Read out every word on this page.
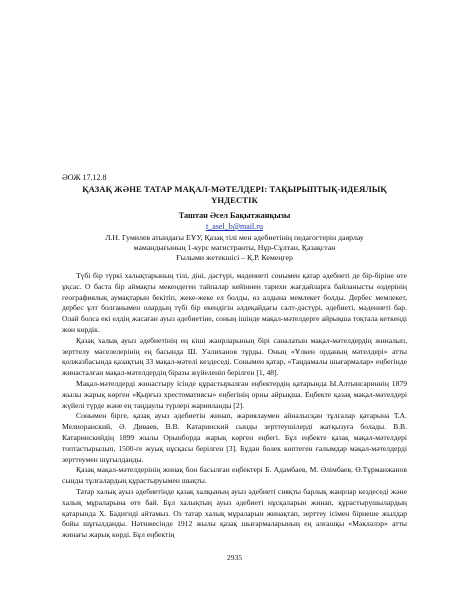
ӘОЖ 17.12.8
ҚАЗАҚ ЖӘНЕ ТАТАР МАҚАЛ-МӘТЕЛДЕРІ: ТАҚЫРЫПТЫҚ-ИДЕЯЛЫҚ
ҮНДЕСТІК
Таштан Әсел Бақытжанқызы
t_asel_b@mail.ru
Л.Н. Гумилев атындағы ЕҰУ, Қазақ тілі мен әдебиетінің педагогтерін даярлау
мамандығының 1-курс магистранты, Нұр-Сұлтан, Қазақстан
Ғылыми жетекшісі – Қ.Р. Кемеңгер

Түбі бір түркі халықтарының тілі, діні, дәстүрі, мәдениеті сонымен қатар әдебиеті де бір-біріне өте ұқсас. О баста бір аймақты мекендеген тайпалар кейіннен тарихи жағдайларға байланысты өздерінің географиялық аумақтарын бекітіп, жеке-жеке ел болды, өз алдына мемлекет болды. Дербес мемлекет, дербес ұлт болғанымен олардың түбі бір екендігін әлдеқайдағы салт-дәстүрі, әдебиеті, мәдениеті бар. Олай болса екі елдің жасаған ауыз әдебиетіне, соның ішінде мақал-мәтелдерге айрықша тоқтала кеткенді жөн көрдік.

Қазақ халық ауыз әдебиетінің ең кіші жанрларының бірі саналатын мақал-мәтелдердің жиналып, зерттелу мәселелерінің ең басында Ш. Уәлиханов тұрды. Оның «Ұлкен орданың мәтелдері» атты қолжазбасында қазақтың 33 мақал-мәтелі кездеседі. Сонымен қатар, «Таңдамалы шығармалар» еңбегінде жинасталған мақал-мәтелдердің біразы жүйеленіп берілген [1, 48].

Мақал-мәтелдерді жинастыру ісінде құрастырылған еңбектердің қатарында Ы.Алтынсариннің 1879 жылы жарық көрген «Қырғыз хрестоматиясы» еңбегінің орны айрықша. Еңбекте қазақ мақал-мәтелдері жүйелі түрде және ең таңдаулы түрлері жарияланды [2].

Сонымен бірге, қазақ ауыз әдебиетін жинап, жариялаумен айналысқан тұлғалар қатарына Т.А. Мелиоранский, Ә. Диваев, В.В. Катаринский сынды зерттеушілерді жатқызуға болады. В.В. Катаринскийдің 1899 жылы Орынборда жарық көрген еңбегі. Бұл еңбекте қазақ мақал-мәтелдері топтастырылып, 1500-ге жуық нұсқасы берілген [3]. Бұдан бөлек көптеген ғалымдар мақал-мәтелдерді зерттеумен шұғылданды.

Қазақ мақал-мәтелдерінің жинақ бон басылған еңбектері Б. Адамбаев, М. Әлімбаев, Ө.Тұрманжанов сынды тұлғалардың құрастыруымен шықты.

Татар халық ауыз әдебиетінде қазақ халқының ауыз әдебиеті сияқты барлық жанрлар кездеседі және халық мұраларына өте бай. Бұл халықтың ауыз әдебиеті нұсқаларын жинап, құрастырушылардың қатарында Х. Бадигиді айтамыз. Оз татар халық мұраларын жинақтап, зерттеу ісімен бірнеше жылдар бойы шұғылданды. Нәтижесінде 1912 жылы қазақ шығармаларының ең алғашқы «Мәкләлэр» атты жинағы жарық көрді. Бұл еңбектің

2935
